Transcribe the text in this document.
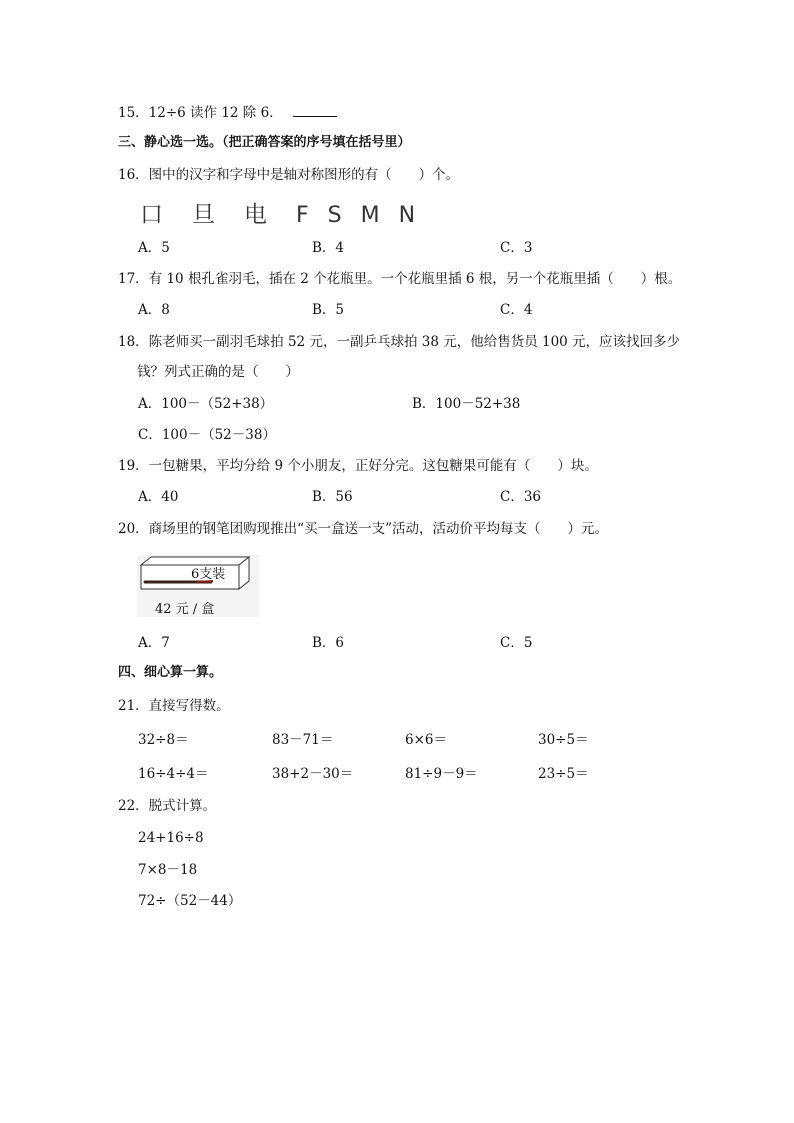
15．12÷6 读作 12 除 6．
三、静心选一选。（把正确答案的序号填在括号里）
16．图中的汉字和字母中是轴对称图形的有（　　）个。
口 旦 电 F S M N
A．5	B．4	C．3
17．有 10 根孔雀羽毛，插在 2 个花瓶里。一个花瓶里插 6 根，另一个花瓶里插（　　）根。
A．8	B．5	C．4
18．陈老师买一副羽毛球拍 52 元，一副乒乓球拍 38 元，他给售货员 100 元，应该找回多少
钱？列式正确的是（　　）
A．100－（52+38）	B．100－52+38
C．100－（52－38）
19．一包糖果，平均分给 9 个小朋友，正好分完。这包糖果可能有（　　）块。
A．40	B．56	C．36
20．商场里的钢笔团购现推出“买一盒送一支”活动，活动价平均每支（　　）元。
6支装
42 元 / 盒
A．7	B．6	C．5
四、细心算一算。
21．直接写得数。
32÷8＝	83－71＝	6×6＝	30÷5＝
16÷4÷4＝	38+2－30＝	81÷9－9＝	23÷5＝
22．脱式计算。
24+16÷8
7×8－18
72÷（52－44）
